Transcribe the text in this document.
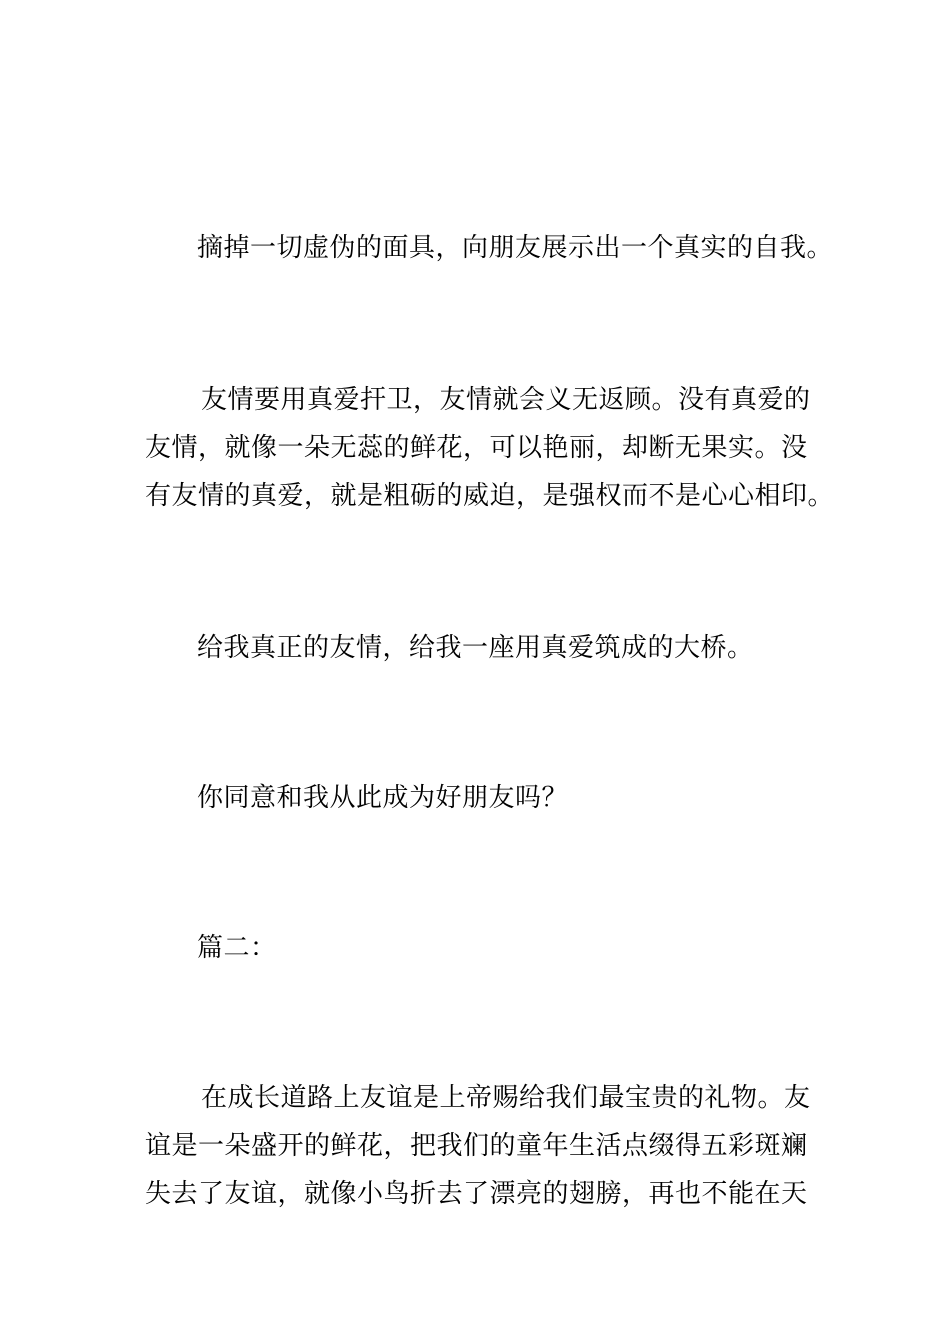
摘掉一切虚伪的面具，向朋友展示出一个真实的自我。

友情要用真爱扞卫，友情就会义无返顾。没有真爱的
友情，就像一朵无蕊的鲜花，可以艳丽，却断无果实。没
有友情的真爱，就是粗砺的威迫，是强权而不是心心相印。

给我真正的友情，给我一座用真爱筑成的大桥。

你同意和我从此成为好朋友吗？

篇二：

在成长道路上友谊是上帝赐给我们最宝贵的礼物。友
谊是一朵盛开的鲜花，把我们的童年生活点缀得五彩斑斓
失去了友谊，就像小鸟折去了漂亮的翅膀，再也不能在天
